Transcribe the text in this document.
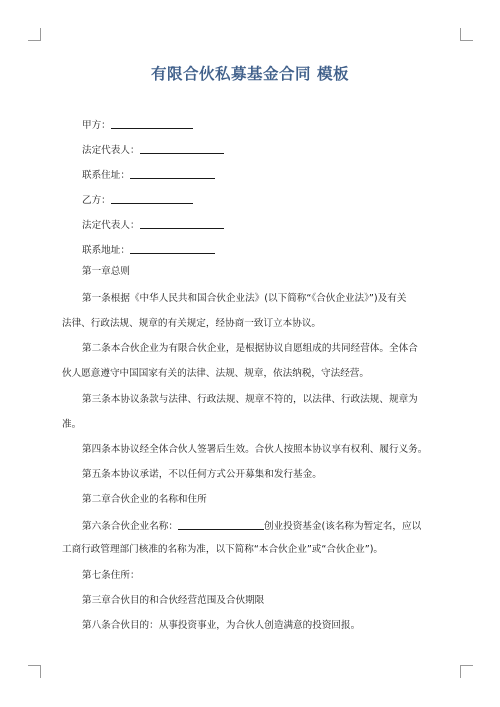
有限合伙私募基金合同 模板
甲方：
法定代表人：
联系住址：
乙方：
法定代表人：
联系地址：
第一章总则
第一条根据《中华人民共和国合伙企业法》(以下简称“《合伙企业法》”)及有关
法律、行政法规、规章的有关规定，经协商一致订立本协议。
第二条本合伙企业为有限合伙企业，是根据协议自愿组成的共同经营体。全体合
伙人愿意遵守中国国家有关的法律、法规、规章，依法纳税，守法经营。
第三条本协议条款与法律、行政法规、规章不符的，以法律、行政法规、规章为
准。
第四条本协议经全体合伙人签署后生效。合伙人按照本协议享有权利、履行义务。
第五条本协议承诺，不以任何方式公开募集和发行基金。
第二章合伙企业的名称和住所
第六条合伙企业名称：	创业投资基金(该名称为暂定名，应以
工商行政管理部门核准的名称为准，以下简称“本合伙企业”或“合伙企业”)。
第七条住所：
第三章合伙目的和合伙经营范围及合伙期限
第八条合伙目的：从事投资事业，为合伙人创造满意的投资回报。
